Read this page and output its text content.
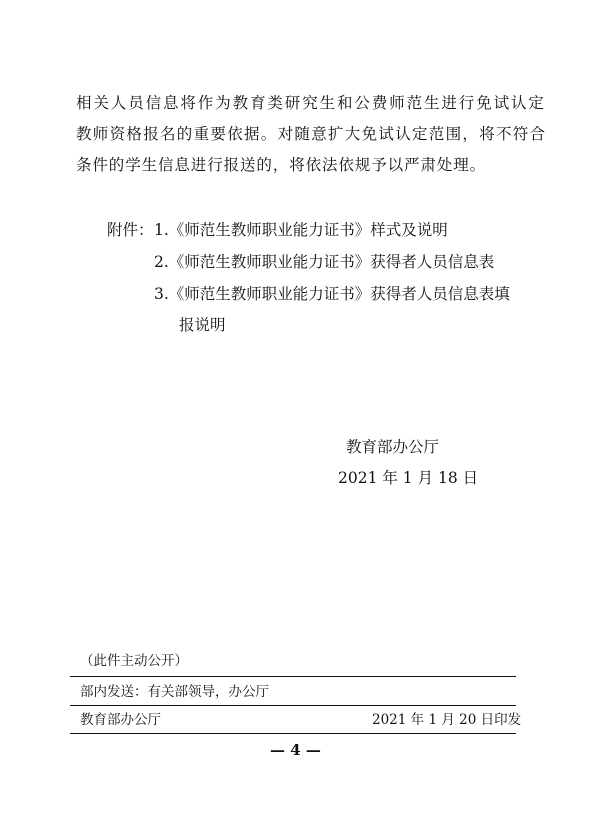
相关人员信息将作为教育类研究生和公费师范生进行免试认定
教师资格报名的重要依据。对随意扩大免试认定范围，将不符合
条件的学生信息进行报送的，将依法依规予以严肃处理。
附件： 1.《师范生教师职业能力证书》样式及说明
2.《师范生教师职业能力证书》获得者人员信息表
3.《师范生教师职业能力证书》获得者人员信息表填
报说明
教育部办公厅
2021 年 1 月 18 日
（此件主动公开）
部内发送：有关部领导，办公厅
教育部办公厅	2021 年 1 月 20 日印发
— 4 —
